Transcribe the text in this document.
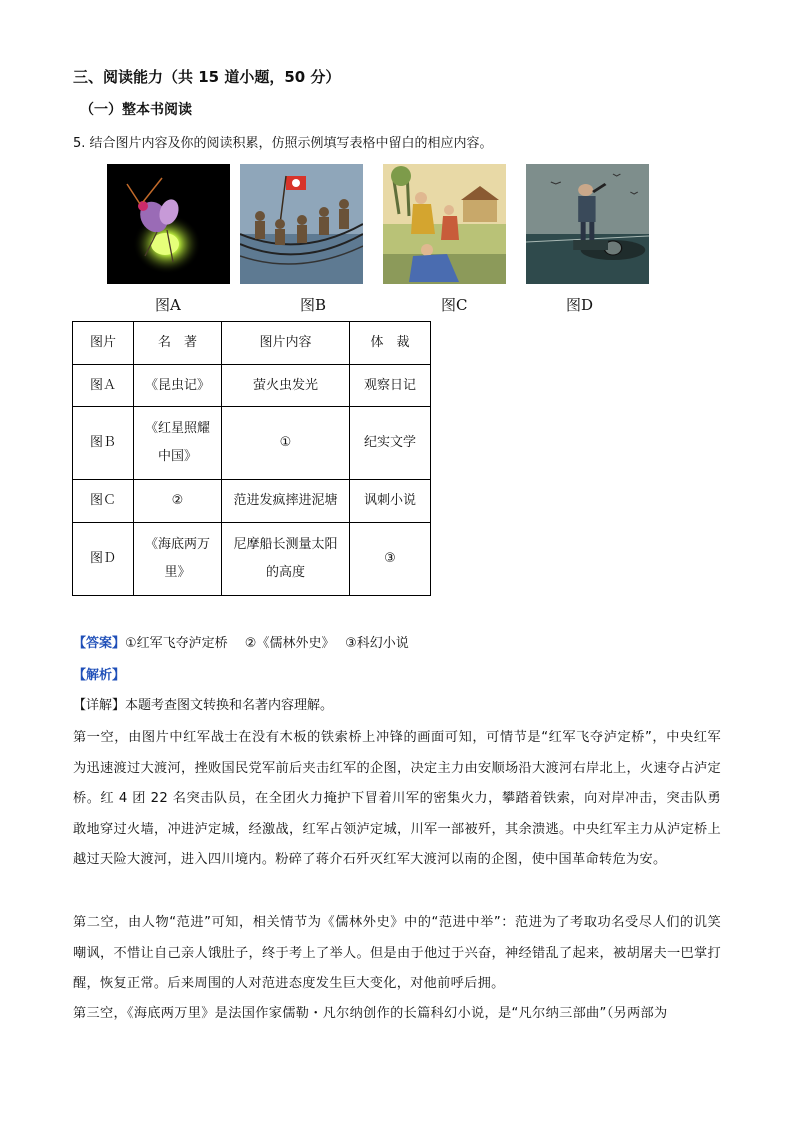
三、阅读能力（共 15 道小题，50 分）
（一）整本书阅读
5. 结合图片内容及你的阅读积累，仿照示例填写表格中留白的相应内容。
图A	图B	图C	图D
图片	名　著	图片内容	体　裁
图Ａ	《昆虫记》	萤火虫发光	观察日记
图Ｂ	《红星照耀中国》	①	纪实文学
图Ｃ	②	范进发疯摔进泥塘	讽刺小说
图Ｄ	《海底两万里》	尼摩船长测量太阳的高度	③
【答案】①红军飞夺泸定桥　 ②《儒林外史》　 ③科幻小说
【解析】
【详解】本题考查图文转换和名著内容理解。
第一空，由图片中红军战士在没有木板的铁索桥上冲锋的画面可知，可情节是“红军飞夺泸定桥”，中央红军为迅速渡过大渡河，挫败国民党军前后夹击红军的企图，决定主力由安顺场沿大渡河右岸北上，火速夺占泸定桥。红 4 团 22 名突击队员，在全团火力掩护下冒着川军的密集火力，攀踏着铁索，向对岸冲击，突击队勇敢地穿过火墙，冲进泸定城，经激战，红军占领泸定城，川军一部被歼，其余溃逃。中央红军主力从泸定桥上越过天险大渡河，进入四川境内。粉碎了蒋介石歼灭红军大渡河以南的企图，使中国革命转危为安。
第二空，由人物“范进”可知，相关情节为《儒林外史》中的“范进中举”：范进为了考取功名受尽人们的讥笑嘲讽，不惜让自己亲人饿肚子，终于考上了举人。但是由于他过于兴奋，神经错乱了起来，被胡屠夫一巴掌打醒，恢复正常。后来周围的人对范进态度发生巨大变化，对他前呼后拥。
第三空，《海底两万里》是法国作家儒勒・凡尔纳创作的长篇科幻小说，是“凡尔纳三部曲”（另两部为
